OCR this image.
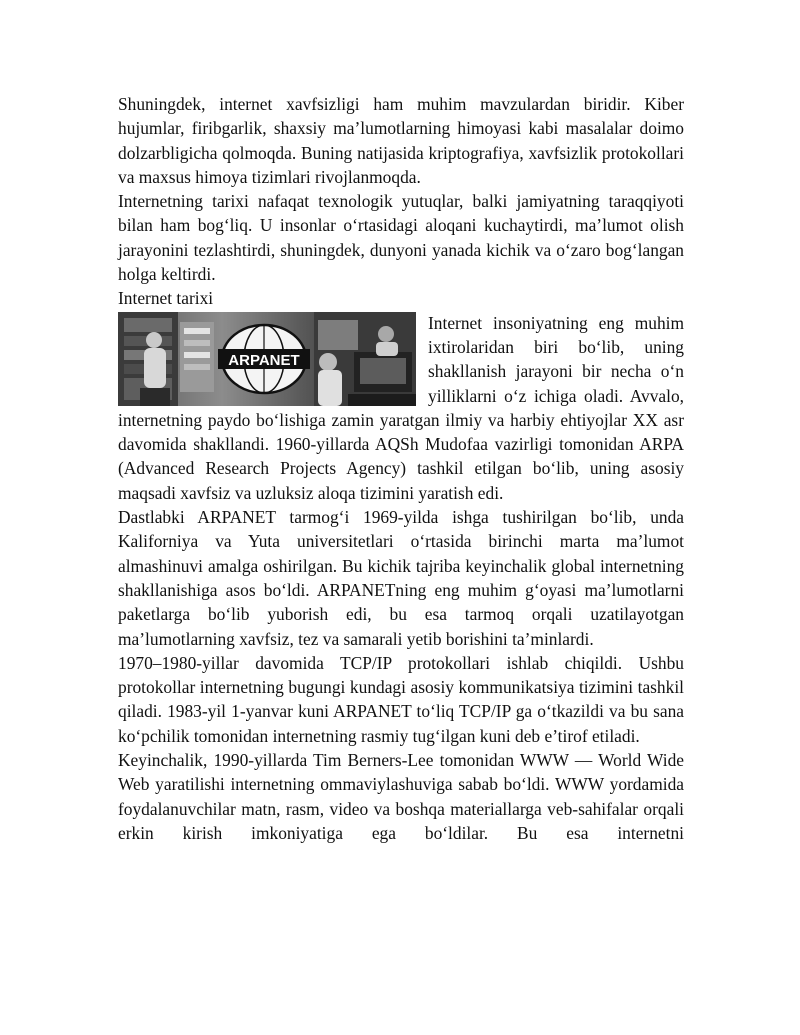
Shuningdek, internet xavfsizligi ham muhim mavzulardan biridir. Kiber hujumlar, firibgarlik, shaxsiy ma’lumotlarning himoyasi kabi masalalar doimo dolzarbligicha qolmoqda. Buning natijasida kriptografiya, xavfsizlik protokollari va maxsus himoya tizimlari rivojlanmoqda.

Internetning tarixi nafaqat texnologik yutuqlar, balki jamiyatning taraqqiyoti bilan ham bog‘liq. U insonlar o‘rtasidagi aloqani kuchaytirdi, ma’lumot olish jarayonini tezlashtirdi, shuningdek, dunyoni yanada kichik va o‘zaro bog‘langan holga keltirdi.

Internet tarixi

ARPANET

Internet insoniyatning eng muhim ixtirolaridan biri bo‘lib, uning shakllanish jarayoni bir necha o‘n yilliklarni o‘z ichiga oladi. Avvalo, internetning paydo bo‘lishiga zamin yaratgan ilmiy va harbiy ehtiyojlar XX asr davomida shakllandi. 1960-yillarda AQSh Mudofaa vazirligi tomonidan ARPA (Advanced Research Projects Agency) tashkil etilgan bo‘lib, uning asosiy maqsadi xavfsiz va uzluksiz aloqa tizimini yaratish edi.

Dastlabki ARPANET tarmog‘i 1969-yilda ishga tushirilgan bo‘lib, unda Kaliforniya va Yuta universitetlari o‘rtasida birinchi marta ma’lumot almashinuvi amalga oshirilgan. Bu kichik tajriba keyinchalik global internetning shakllanishiga asos bo‘ldi. ARPANETning eng muhim g‘oyasi ma’lumotlarni paketlarga bo‘lib yuborish edi, bu esa tarmoq orqali uzatilayotgan ma’lumotlarning xavfsiz, tez va samarali yetib borishini ta’minlardi.

1970–1980-yillar davomida TCP/IP protokollari ishlab chiqildi. Ushbu protokollar internetning bugungi kundagi asosiy kommunikatsiya tizimini tashkil qiladi. 1983-yil 1-yanvar kuni ARPANET to‘liq TCP/IP ga o‘tkazildi va bu sana ko‘pchilik tomonidan internetning rasmiy tug‘ilgan kuni deb e’tirof etiladi.

Keyinchalik, 1990-yillarda Tim Berners-Lee tomonidan WWW — World Wide Web yaratilishi internetning ommaviylashuviga sabab bo‘ldi. WWW yordamida foydalanuvchilar matn, rasm, video va boshqa materiallarga veb-sahifalar orqali erkin kirish imkoniyatiga ega bo‘ldilar. Bu esa internetni
